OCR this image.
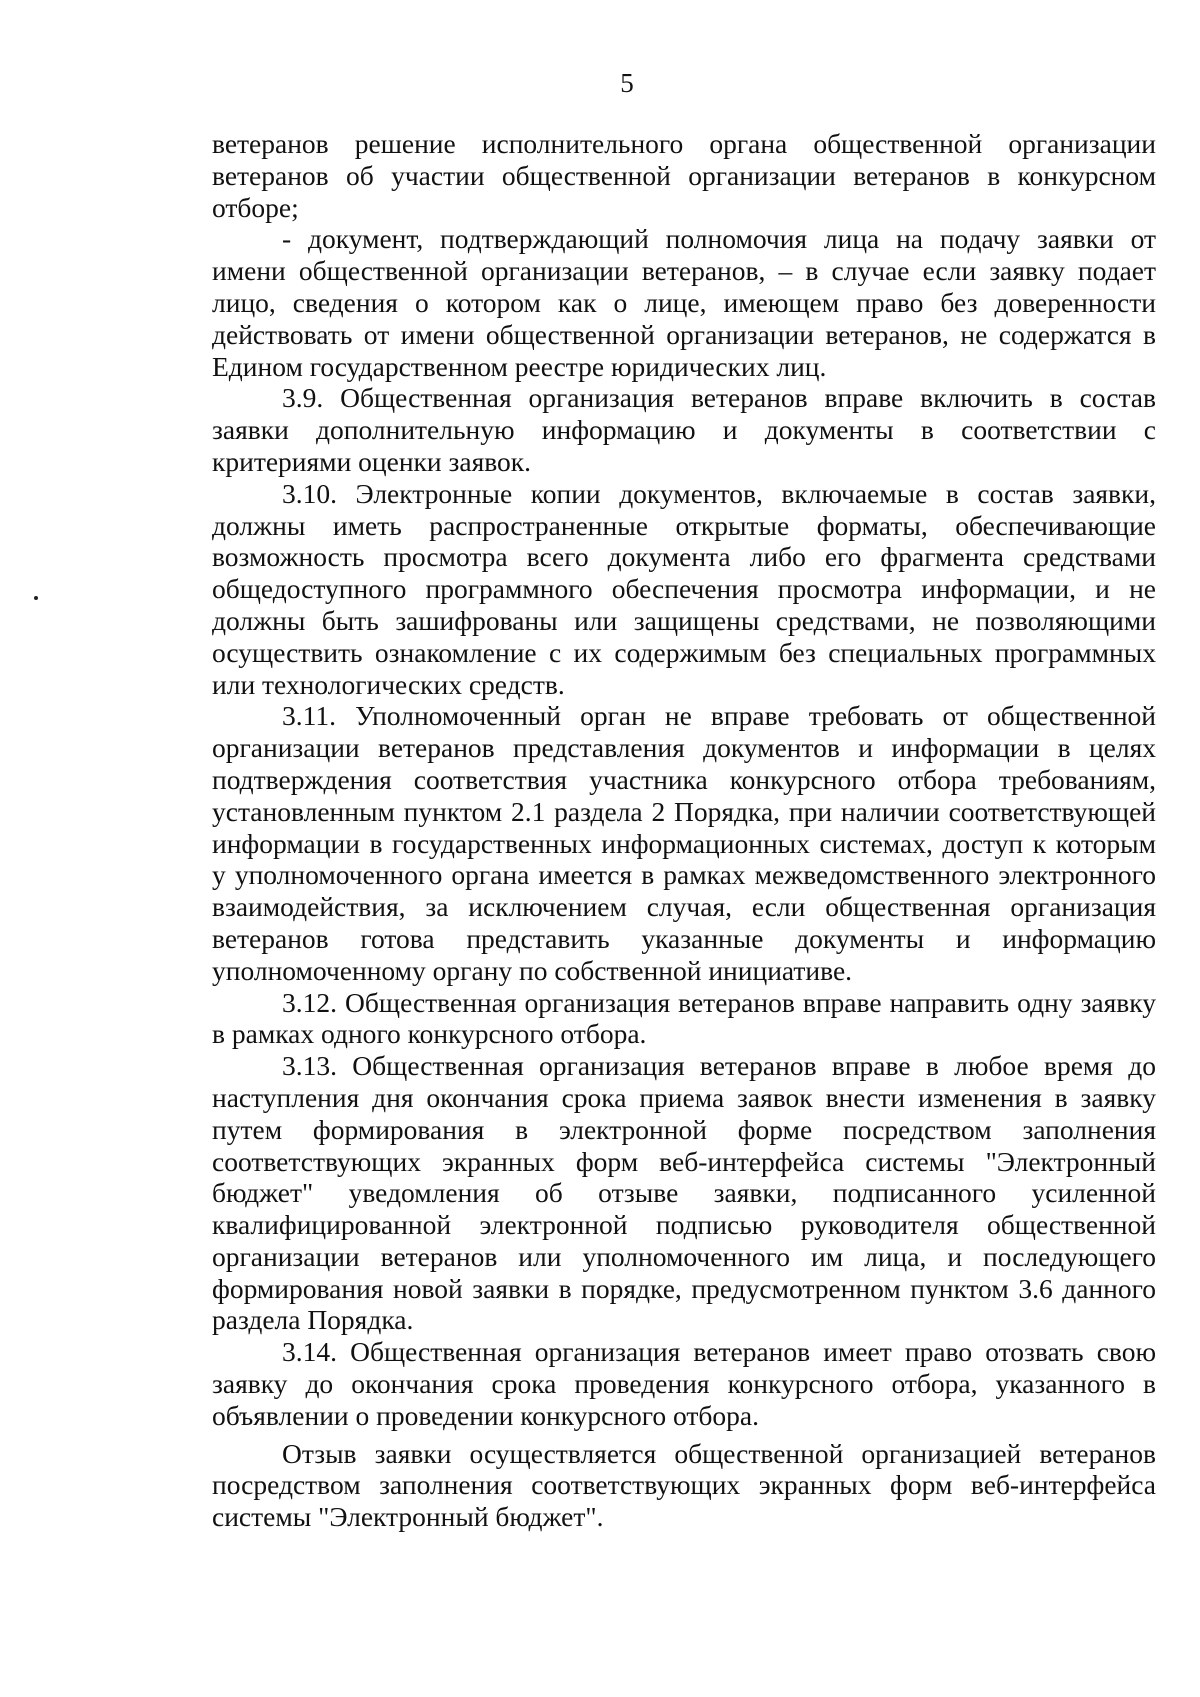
5

ветеранов решение исполнительного органа общественной организации ветеранов об участии общественной организации ветеранов в конкурсном отборе;

- документ, подтверждающий полномочия лица на подачу заявки от имени общественной организации ветеранов, – в случае если заявку подает лицо, сведения о котором как о лице, имеющем право без доверенности действовать от имени общественной организации ветеранов, не содержатся в Едином государственном реестре юридических лиц.

3.9. Общественная организация ветеранов вправе включить в состав заявки дополнительную информацию и документы в соответствии с критериями оценки заявок.

3.10. Электронные копии документов, включаемые в состав заявки, должны иметь распространенные открытые форматы, обеспечивающие возможность просмотра всего документа либо его фрагмента средствами общедоступного программного обеспечения просмотра информации, и не должны быть зашифрованы или защищены средствами, не позволяющими осуществить ознакомление с их содержимым без специальных программных или технологических средств.

3.11. Уполномоченный орган не вправе требовать от общественной организации ветеранов представления документов и информации в целях подтверждения соответствия участника конкурсного отбора требованиям, установленным пунктом 2.1 раздела 2 Порядка, при наличии соответствующей информации в государственных информационных системах, доступ к которым у уполномоченного органа имеется в рамках межведомственного электронного взаимодействия, за исключением случая, если общественная организация ветеранов готова представить указанные документы и информацию уполномоченному органу по собственной инициативе.

3.12. Общественная организация ветеранов вправе направить одну заявку в рамках одного конкурсного отбора.

3.13. Общественная организация ветеранов вправе в любое время до наступления дня окончания срока приема заявок внести изменения в заявку путем формирования в электронной форме посредством заполнения соответствующих экранных форм веб-интерфейса системы "Электронный бюджет" уведомления об отзыве заявки, подписанного усиленной квалифицированной электронной подписью руководителя общественной организации ветеранов или уполномоченного им лица, и последующего формирования новой заявки в порядке, предусмотренном пунктом 3.6 данного раздела Порядка.

3.14. Общественная организация ветеранов имеет право отозвать свою заявку до окончания срока проведения конкурсного отбора, указанного в объявлении о проведении конкурсного отбора.

Отзыв заявки осуществляется общественной организацией ветеранов посредством заполнения соответствующих экранных форм веб-интерфейса системы "Электронный бюджет".
